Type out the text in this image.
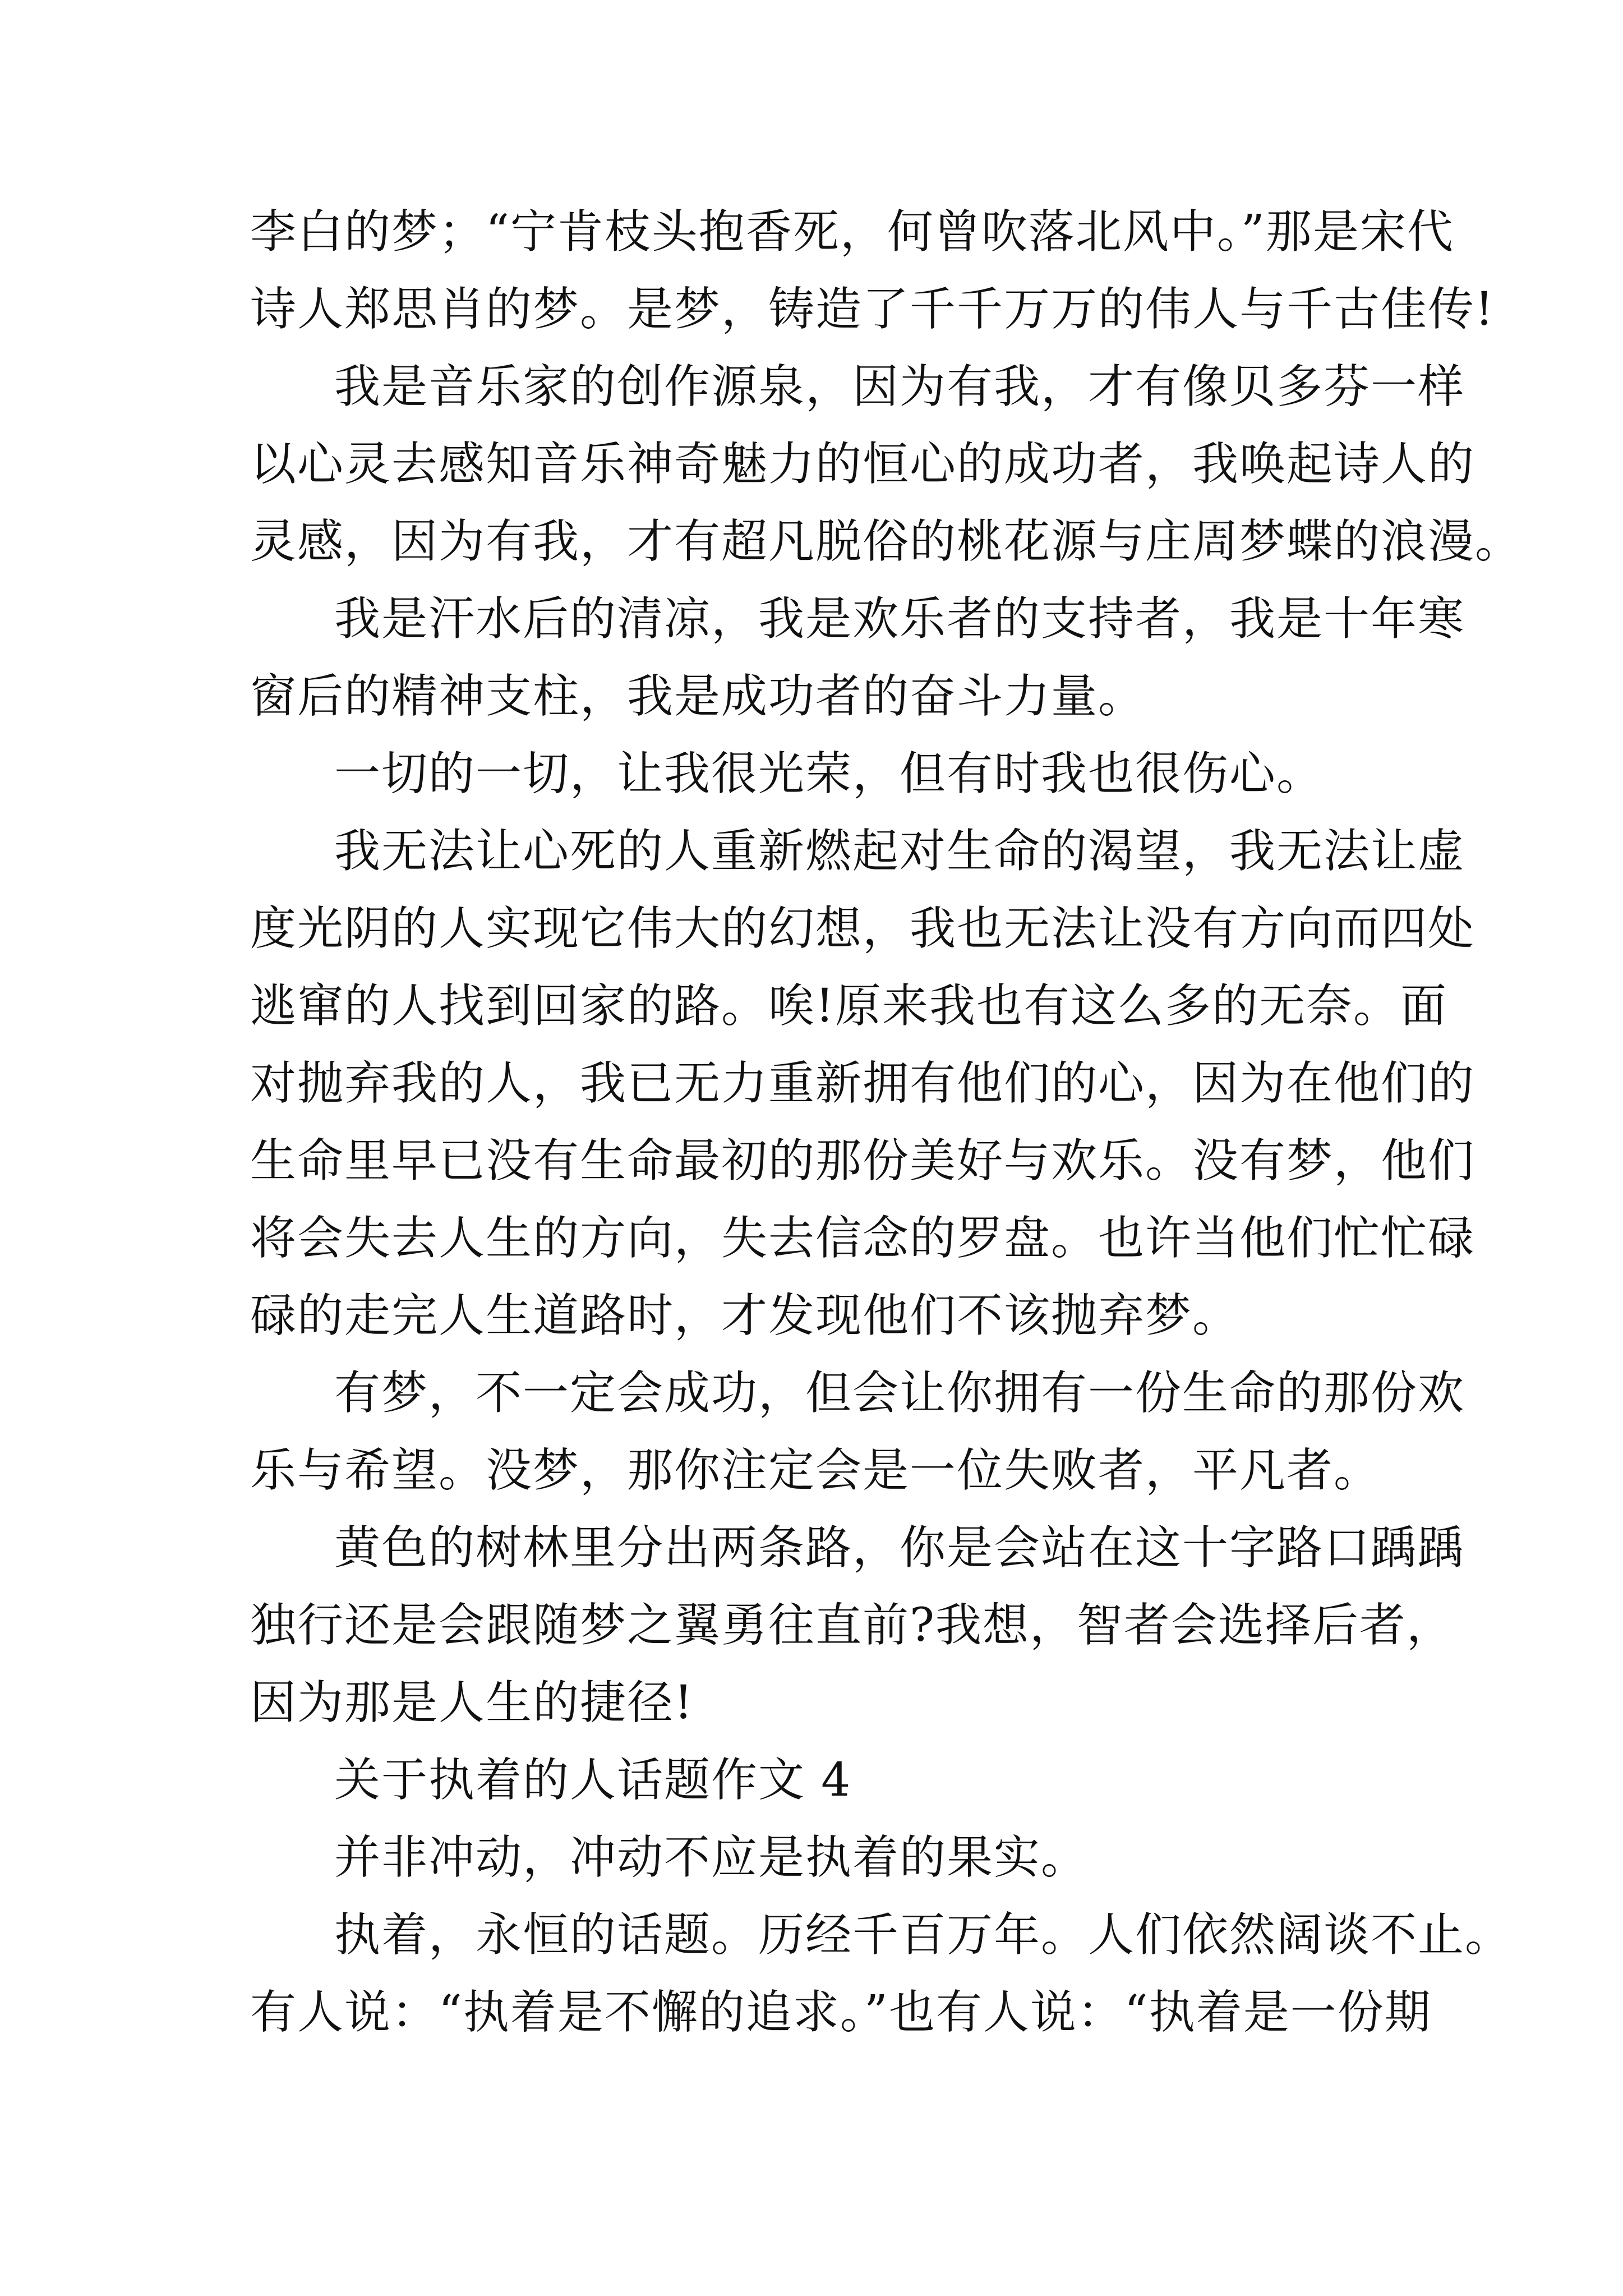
李白的梦；“宁肯枝头抱香死，何曾吹落北风中。”那是宋代
诗人郑思肖的梦。是梦，铸造了千千万万的伟人与千古佳传!
我是音乐家的创作源泉，因为有我，才有像贝多芬一样
以心灵去感知音乐神奇魅力的恒心的成功者，我唤起诗人的
灵感，因为有我，才有超凡脱俗的桃花源与庄周梦蝶的浪漫。
我是汗水后的清凉，我是欢乐者的支持者，我是十年寒
窗后的精神支柱，我是成功者的奋斗力量。
一切的一切，让我很光荣，但有时我也很伤心。
我无法让心死的人重新燃起对生命的渴望，我无法让虚
度光阴的人实现它伟大的幻想，我也无法让没有方向而四处
逃窜的人找到回家的路。唉!原来我也有这么多的无奈。面
对抛弃我的人，我已无力重新拥有他们的心，因为在他们的
生命里早已没有生命最初的那份美好与欢乐。没有梦，他们
将会失去人生的方向，失去信念的罗盘。也许当他们忙忙碌
碌的走完人生道路时，才发现他们不该抛弃梦。
有梦，不一定会成功，但会让你拥有一份生命的那份欢
乐与希望。没梦，那你注定会是一位失败者，平凡者。
黄色的树林里分出两条路，你是会站在这十字路口踽踽
独行还是会跟随梦之翼勇往直前?我想，智者会选择后者，
因为那是人生的捷径!
关于执着的人话题作文 4
并非冲动，冲动不应是执着的果实。
执着，永恒的话题。历经千百万年。人们依然阔谈不止。
有人说：“执着是不懈的追求。”也有人说：“执着是一份期
